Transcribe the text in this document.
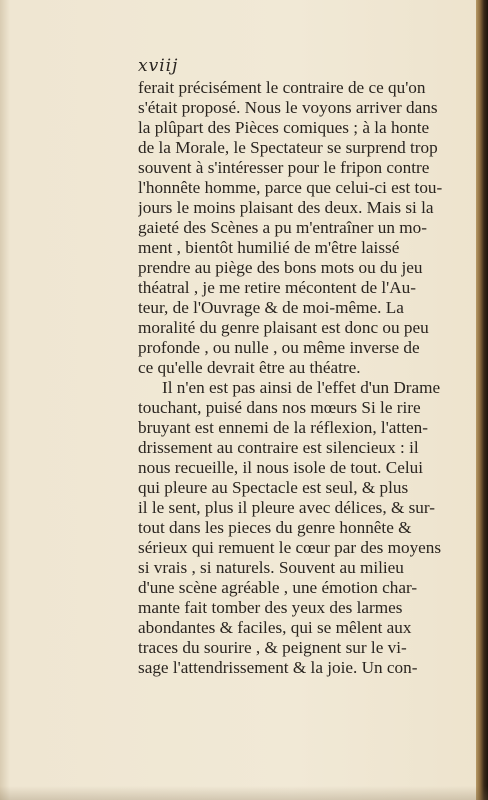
xviij

ferait précisément le contraire de ce qu'on
s'était proposé. Nous le voyons arriver dans
la plûpart des Pièces comiques ; à la honte
de la Morale, le Spectateur se surprend trop
souvent à s'intéresser pour le fripon contre
l'honnête homme, parce que celui-ci est tou-
jours le moins plaisant des deux. Mais si la
gaieté des Scènes a pu m'entraîner un mo-
ment , bientôt humilié de m'être laissé
prendre au piège des bons mots ou du jeu
théatral , je me retire mécontent de l'Au-
teur, de l'Ouvrage & de moi-même. La
moralité du genre plaisant est donc ou peu
profonde , ou nulle , ou même inverse de
ce qu'elle devrait être au théatre.
Il n'en est pas ainsi de l'effet d'un Drame
touchant, puisé dans nos mœurs Si le rire
bruyant est ennemi de la réflexion, l'atten-
drissement au contraire est silencieux : il
nous recueille, il nous isole de tout. Celui
qui pleure au Spectacle est seul, & plus
il le sent, plus il pleure avec délices, & sur-
tout dans les pieces du genre honnête &
sérieux qui remuent le cœur par des moyens
si vrais , si naturels. Souvent au milieu
d'une scène agréable , une émotion char-
mante fait tomber des yeux des larmes
abondantes & faciles, qui se mêlent aux
traces du sourire , & peignent sur le vi-
sage l'attendrissement & la joie. Un con-
